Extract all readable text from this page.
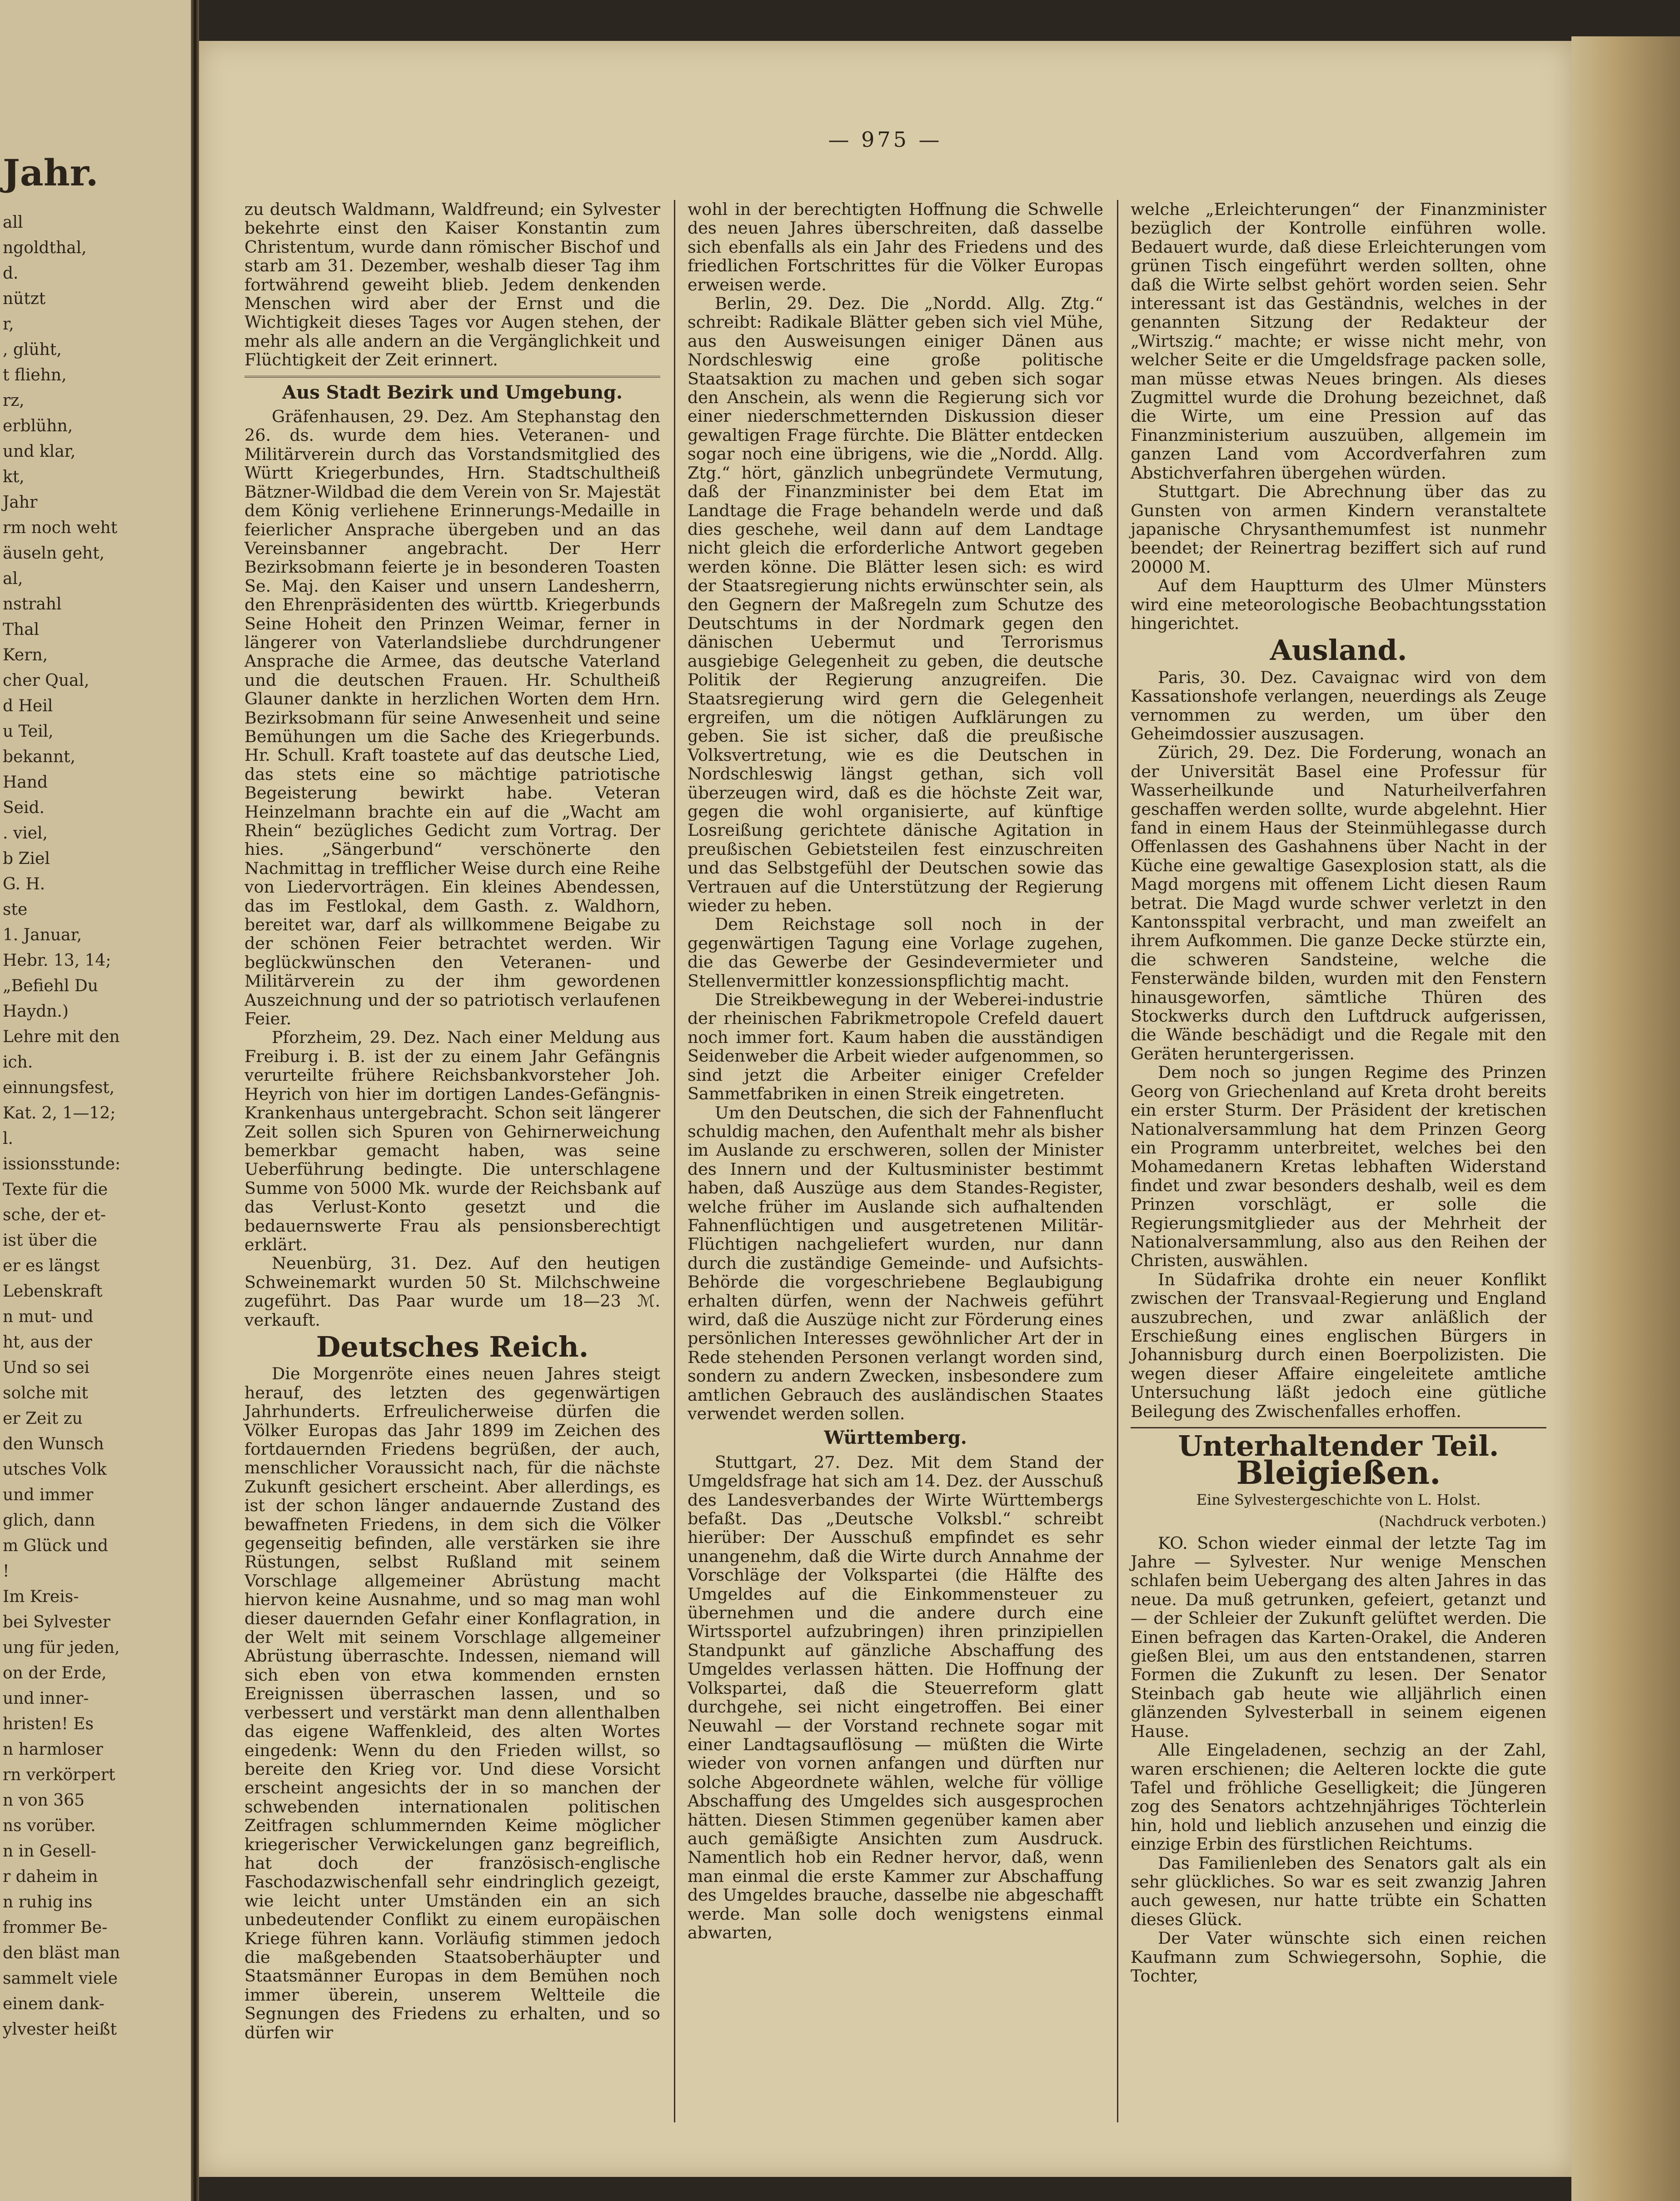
Jahr.
all
ngoldthal,
d.
nützt
r,
, glüht,
t fliehn,
rz,
erblühn,
und klar,
kt,
Jahr
rm noch weht
äuseln geht,
al,
nstrahl
Thal
Kern,
cher Qual,
d Heil
u Teil,
bekannt,
Hand
Seid.
. viel,
b Ziel
G. H.
ste
1. Januar,
Hebr. 13, 14;
„Befiehl Du
Haydn.)
Lehre mit den
ich.
einnungsfest,
Kat. 2, 1—12;
l.
issionsstunde:
Texte für die
sche, der et-
ist über die
er es längst
Lebenskraft
n mut- und
ht, aus der
Und so sei
solche mit
er Zeit zu
den Wunsch
utsches Volk
und immer
glich, dann
m Glück und
!
Im Kreis-
bei Sylvester
ung für jeden,
on der Erde,
und inner-
hristen! Es
n harmloser
rn verkörpert
n von 365
ns vorüber.
n in Gesell-
r daheim in
n ruhig ins
frommer Be-
den bläst man
sammelt viele
einem dank-
ylvester heißt
— 975 —

zu deutsch Waldmann, Waldfreund; ein Sylvester bekehrte einst den Kaiser Konstantin zum Christentum, wurde dann römischer Bischof und starb am 31. Dezember, weshalb dieser Tag ihm fortwährend geweiht blieb. Jedem denkenden Menschen wird aber der Ernst und die Wichtigkeit dieses Tages vor Augen stehen, der mehr als alle andern an die Vergänglichkeit und Flüchtigkeit der Zeit erinnert.

Aus Stadt Bezirk und Umgebung.

Gräfenhausen, 29. Dez. Am Stephanstag den 26. ds. wurde dem hies. Veteranen- und Militärverein durch das Vorstandsmitglied des Württ Kriegerbundes, Hrn. Stadtschultheiß Bätzner-Wildbad die dem Verein von Sr. Majestät dem König verliehene Erinnerungs-Medaille in feierlicher Ansprache übergeben und an das Vereinsbanner angebracht. Der Herr Bezirksobmann feierte je in besonderen Toasten Se. Maj. den Kaiser und unsern Landesherrn, den Ehrenpräsidenten des württb. Kriegerbunds Seine Hoheit den Prinzen Weimar, ferner in längerer von Vaterlandsliebe durchdrungener Ansprache die Armee, das deutsche Vaterland und die deutschen Frauen. Hr. Schultheiß Glauner dankte in herzlichen Worten dem Hrn. Bezirksobmann für seine Anwesenheit und seine Bemühungen um die Sache des Kriegerbunds. Hr. Schull. Kraft toastete auf das deutsche Lied, das stets eine so mächtige patriotische Begeisterung bewirkt habe. Veteran Heinzelmann brachte ein auf die „Wacht am Rhein“ bezügliches Gedicht zum Vortrag. Der hies. „Sängerbund“ verschönerte den Nachmittag in trefflicher Weise durch eine Reihe von Liedervorträgen. Ein kleines Abendessen, das im Festlokal, dem Gasth. z. Waldhorn, bereitet war, darf als willkommene Beigabe zu der schönen Feier betrachtet werden. Wir beglückwünschen den Veteranen- und Militärverein zu der ihm gewordenen Auszeichnung und der so patriotisch verlaufenen Feier.

Pforzheim, 29. Dez. Nach einer Meldung aus Freiburg i. B. ist der zu einem Jahr Gefängnis verurteilte frühere Reichsbankvorsteher Joh. Heyrich von hier im dortigen Landes-Gefängnis-Krankenhaus untergebracht. Schon seit längerer Zeit sollen sich Spuren von Gehirnerweichung bemerkbar gemacht haben, was seine Ueberführung bedingte. Die unterschlagene Summe von 5000 Mk. wurde der Reichsbank auf das Verlust-Konto gesetzt und die bedauernswerte Frau als pensionsberechtigt erklärt.

Neuenbürg, 31. Dez. Auf den heutigen Schweinemarkt wurden 50 St. Milchschweine zugeführt. Das Paar wurde um 18—23 ℳ. verkauft.

Deutsches Reich.

Die Morgenröte eines neuen Jahres steigt herauf, des letzten des gegenwärtigen Jahrhunderts. Erfreulicherweise dürfen die Völker Europas das Jahr 1899 im Zeichen des fortdauernden Friedens begrüßen, der auch, menschlicher Voraussicht nach, für die nächste Zukunft gesichert erscheint. Aber allerdings, es ist der schon länger andauernde Zustand des bewaffneten Friedens, in dem sich die Völker gegenseitig befinden, alle verstärken sie ihre Rüstungen, selbst Rußland mit seinem Vorschlage allgemeiner Abrüstung macht hiervon keine Ausnahme, und so mag man wohl dieser dauernden Gefahr einer Konflagration, in der Welt mit seinem Vorschlage allgemeiner Abrüstung überraschte. Indessen, niemand will sich eben von etwa kommenden ernsten Ereignissen überraschen lassen, und so verbessert und verstärkt man denn allenthalben das eigene Waffenkleid, des alten Wortes eingedenk: Wenn du den Frieden willst, so bereite den Krieg vor. Und diese Vorsicht erscheint angesichts der in so manchen der schwebenden internationalen politischen Zeitfragen schlummernden Keime möglicher kriegerischer Verwickelungen ganz begreiflich, hat doch der französisch-englische Faschodazwischenfall sehr eindringlich gezeigt, wie leicht unter Umständen ein an sich unbedeutender Conflikt zu einem europäischen Kriege führen kann. Vorläufig stimmen jedoch die maßgebenden Staatsoberhäupter und Staatsmänner Europas in dem Bemühen noch immer überein, unserem Weltteile die Segnungen des Friedens zu erhalten, und so dürfen wir

wohl in der berechtigten Hoffnung die Schwelle des neuen Jahres überschreiten, daß dasselbe sich ebenfalls als ein Jahr des Friedens und des friedlichen Fortschrittes für die Völker Europas erweisen werde.

Berlin, 29. Dez. Die „Nordd. Allg. Ztg.“ schreibt: Radikale Blätter geben sich viel Mühe, aus den Ausweisungen einiger Dänen aus Nordschleswig eine große politische Staatsaktion zu machen und geben sich sogar den Anschein, als wenn die Regierung sich vor einer niederschmetternden Diskussion dieser gewaltigen Frage fürchte. Die Blätter entdecken sogar noch eine übrigens, wie die „Nordd. Allg. Ztg.“ hört, gänzlich unbegründete Vermutung, daß der Finanzminister bei dem Etat im Landtage die Frage behandeln werde und daß dies geschehe, weil dann auf dem Landtage nicht gleich die erforderliche Antwort gegeben werden könne. Die Blätter lesen sich: es wird der Staatsregierung nichts erwünschter sein, als den Gegnern der Maßregeln zum Schutze des Deutschtums in der Nordmark gegen den dänischen Uebermut und Terrorismus ausgiebige Gelegenheit zu geben, die deutsche Politik der Regierung anzugreifen. Die Staatsregierung wird gern die Gelegenheit ergreifen, um die nötigen Aufklärungen zu geben. Sie ist sicher, daß die preußische Volksvertretung, wie es die Deutschen in Nordschleswig längst gethan, sich voll überzeugen wird, daß es die höchste Zeit war, gegen die wohl organisierte, auf künftige Losreißung gerichtete dänische Agitation in preußischen Gebietsteilen fest einzuschreiten und das Selbstgefühl der Deutschen sowie das Vertrauen auf die Unterstützung der Regierung wieder zu heben.

Dem Reichstage soll noch in der gegenwärtigen Tagung eine Vorlage zugehen, die das Gewerbe der Gesindevermieter und Stellenvermittler konzessionspflichtig macht.

Die Streikbewegung in der Weberei-industrie der rheinischen Fabrikmetropole Crefeld dauert noch immer fort. Kaum haben die ausständigen Seidenweber die Arbeit wieder aufgenommen, so sind jetzt die Arbeiter einiger Crefelder Sammetfabriken in einen Streik eingetreten.

Um den Deutschen, die sich der Fahnenflucht schuldig machen, den Aufenthalt mehr als bisher im Auslande zu erschweren, sollen der Minister des Innern und der Kultusminister bestimmt haben, daß Auszüge aus dem Standes-Register, welche früher im Auslande sich aufhaltenden Fahnenflüchtigen und ausgetretenen Militär-Flüchtigen nachgeliefert wurden, nur dann durch die zuständige Gemeinde- und Aufsichts-Behörde die vorgeschriebene Beglaubigung erhalten dürfen, wenn der Nachweis geführt wird, daß die Auszüge nicht zur Förderung eines persönlichen Interesses gewöhnlicher Art der in Rede stehenden Personen verlangt worden sind, sondern zu andern Zwecken, insbesondere zum amtlichen Gebrauch des ausländischen Staates verwendet werden sollen.

Württemberg.

Stuttgart, 27. Dez. Mit dem Stand der Umgeldsfrage hat sich am 14. Dez. der Ausschuß des Landesverbandes der Wirte Württembergs befaßt. Das „Deutsche Volksbl.“ schreibt hierüber: Der Ausschuß empfindet es sehr unangenehm, daß die Wirte durch Annahme der Vorschläge der Volkspartei (die Hälfte des Umgeldes auf die Einkommensteuer zu übernehmen und die andere durch eine Wirtssportel aufzubringen) ihren prinzipiellen Standpunkt auf gänzliche Abschaffung des Umgeldes verlassen hätten. Die Hoffnung der Volkspartei, daß die Steuerreform glatt durchgehe, sei nicht eingetroffen. Bei einer Neuwahl — der Vorstand rechnete sogar mit einer Landtagsauflösung — müßten die Wirte wieder von vornen anfangen und dürften nur solche Abgeordnete wählen, welche für völlige Abschaffung des Umgeldes sich ausgesprochen hätten. Diesen Stimmen gegenüber kamen aber auch gemäßigte Ansichten zum Ausdruck. Namentlich hob ein Redner hervor, daß, wenn man einmal die erste Kammer zur Abschaffung des Umgeldes brauche, dasselbe nie abgeschafft werde. Man solle doch wenigstens einmal abwarten,

welche „Erleichterungen“ der Finanzminister bezüglich der Kontrolle einführen wolle. Bedauert wurde, daß diese Erleichterungen vom grünen Tisch eingeführt werden sollten, ohne daß die Wirte selbst gehört worden seien. Sehr interessant ist das Geständnis, welches in der genannten Sitzung der Redakteur der „Wirtszig.“ machte; er wisse nicht mehr, von welcher Seite er die Umgeldsfrage packen solle, man müsse etwas Neues bringen. Als dieses Zugmittel wurde die Drohung bezeichnet, daß die Wirte, um eine Pression auf das Finanzministerium auszuüben, allgemein im ganzen Land vom Accordverfahren zum Abstichverfahren übergehen würden.

Stuttgart. Die Abrechnung über das zu Gunsten von armen Kindern veranstaltete japanische Chrysanthemumfest ist nunmehr beendet; der Reinertrag beziffert sich auf rund 20000 M.

Auf dem Hauptturm des Ulmer Münsters wird eine meteorologische Beobachtungsstation hingerichtet.

Ausland.

Paris, 30. Dez. Cavaignac wird von dem Kassationshofe verlangen, neuerdings als Zeuge vernommen zu werden, um über den Geheimdossier auszusagen.

Zürich, 29. Dez. Die Forderung, wonach an der Universität Basel eine Professur für Wasserheilkunde und Naturheilverfahren geschaffen werden sollte, wurde abgelehnt. Hier fand in einem Haus der Steinmühlegasse durch Offenlassen des Gashahnens über Nacht in der Küche eine gewaltige Gasexplosion statt, als die Magd morgens mit offenem Licht diesen Raum betrat. Die Magd wurde schwer verletzt in den Kantonsspital verbracht, und man zweifelt an ihrem Aufkommen. Die ganze Decke stürzte ein, die schweren Sandsteine, welche die Fensterwände bilden, wurden mit den Fenstern hinausgeworfen, sämtliche Thüren des Stockwerks durch den Luftdruck aufgerissen, die Wände beschädigt und die Regale mit den Geräten heruntergerissen.

Dem noch so jungen Regime des Prinzen Georg von Griechenland auf Kreta droht bereits ein erster Sturm. Der Präsident der kretischen Nationalversammlung hat dem Prinzen Georg ein Programm unterbreitet, welches bei den Mohamedanern Kretas lebhaften Widerstand findet und zwar besonders deshalb, weil es dem Prinzen vorschlägt, er solle die Regierungsmitglieder aus der Mehrheit der Nationalversammlung, also aus den Reihen der Christen, auswählen.

In Südafrika drohte ein neuer Konflikt zwischen der Transvaal-Regierung und England auszubrechen, und zwar anläßlich der Erschießung eines englischen Bürgers in Johannisburg durch einen Boerpolizisten. Die wegen dieser Affaire eingeleitete amtliche Untersuchung läßt jedoch eine gütliche Beilegung des Zwischenfalles erhoffen.

Unterhaltender Teil.
Bleigießen.
Eine Sylvestergeschichte von L. Holst.
(Nachdruck verboten.)

KO. Schon wieder einmal der letzte Tag im Jahre — Sylvester. Nur wenige Menschen schlafen beim Uebergang des alten Jahres in das neue. Da muß getrunken, gefeiert, getanzt und — der Schleier der Zukunft gelüftet werden. Die Einen befragen das Karten-Orakel, die Anderen gießen Blei, um aus den entstandenen, starren Formen die Zukunft zu lesen. Der Senator Steinbach gab heute wie alljährlich einen glänzenden Sylvesterball in seinem eigenen Hause.

Alle Eingeladenen, sechzig an der Zahl, waren erschienen; die Aelteren lockte die gute Tafel und fröhliche Geselligkeit; die Jüngeren zog des Senators achtzehnjähriges Töchterlein hin, hold und lieblich anzusehen und einzig die einzige Erbin des fürstlichen Reichtums.

Das Familienleben des Senators galt als ein sehr glückliches. So war es seit zwanzig Jahren auch gewesen, nur hatte trübte ein Schatten dieses Glück.

Der Vater wünschte sich einen reichen Kaufmann zum Schwiegersohn, Sophie, die Tochter,
